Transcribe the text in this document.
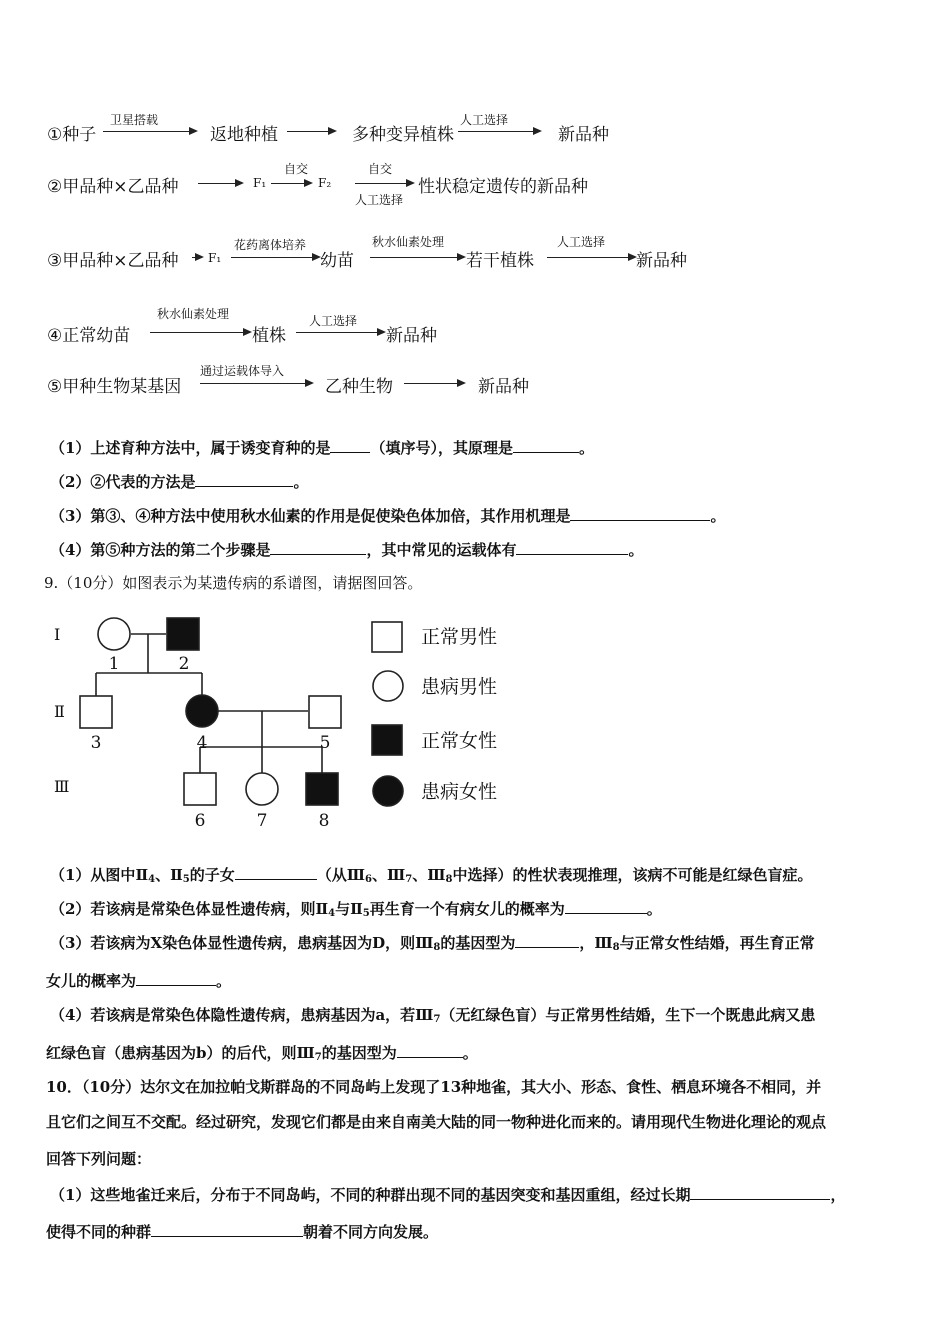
①种子
卫星搭载
返地种植	多种变异植株
人工选择
新品种
②甲品种×乙品种	F₁
自交
F₂
自交
人工选择
性状稳定遗传的新品种
③甲品种×乙品种 F₁
花药离体培养
幼苗
秋水仙素处理
若干植株
人工选择
新品种
④正常幼苗
秋水仙素处理
植株
人工选择
新品种
⑤甲种生物某基因
通过运载体导入
乙种生物	新品种
（1）上述育种方法中，属于诱变育种的是	（填序号），其原理是	。
（2）②代表的方法是	。
（3）第③、④种方法中使用秋水仙素的作用是促使染色体加倍，其作用机理是	。
（4）第⑤种方法的第二个步骤是	，其中常见的运载体有	。
9.（10分）如图表示为某遗传病的系谱图，请据图回答。
Ⅰ
Ⅱ
Ⅲ
1	2
3	4	5
6	7	8
正常男性
患病男性
正常女性
患病女性
（1）从图中$Ⅱ_4$、$Ⅱ_5$的子女	（从$Ⅲ_6$、$Ⅲ_7$、$Ⅲ_8$中选择）的性状表现推理，该病不可能是红绿色盲症。
（2）若该病是常染色体显性遗传病，则$Ⅱ_4$与$Ⅱ_5$再生育一个有病女儿的概率为	。
（3）若该病为X染色体显性遗传病，患病基因为D，则$Ⅲ_8$的基因型为	，$Ⅲ_8$与正常女性结婚，再生育正常
女儿的概率为	。
（4）若该病是常染色体隐性遗传病，患病基因为a，若$Ⅲ_7$（无红绿色盲）与正常男性结婚，生下一个既患此病又患
红绿色盲（患病基因为b）的后代，则$Ⅲ_7$的基因型为	。
10．（10分）达尔文在加拉帕戈斯群岛的不同岛屿上发现了13种地雀，其大小、形态、食性、栖息环境各不相同，并
且它们之间互不交配。经过研究，发现它们都是由来自南美大陆的同一物种进化而来的。请用现代生物进化理论的观点
回答下列问题：
（1）这些地雀迁来后，分布于不同岛屿，不同的种群出现不同的基因突变和基因重组，经过长期	，
使得不同的种群	朝着不同方向发展。
